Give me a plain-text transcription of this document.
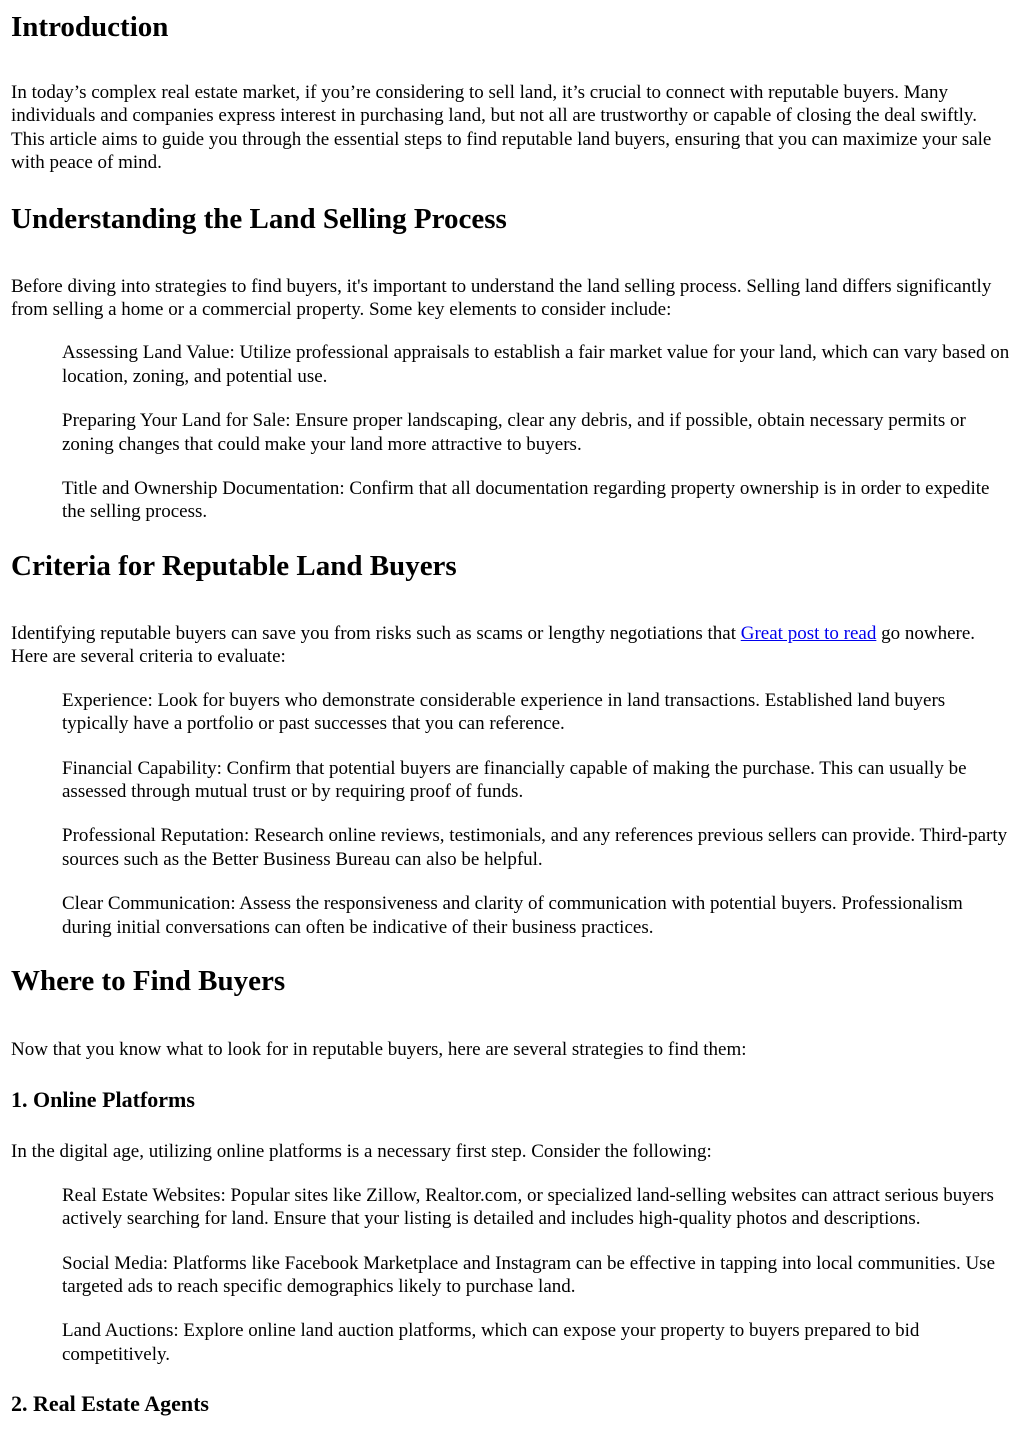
Introduction

In today’s complex real estate market, if you’re considering to sell land, it’s crucial to connect with reputable buyers. Many individuals and companies express interest in purchasing land, but not all are trustworthy or capable of closing the deal swiftly. This article aims to guide you through the essential steps to find reputable land buyers, ensuring that you can maximize your sale with peace of mind.

Understanding the Land Selling Process

Before diving into strategies to find buyers, it's important to understand the land selling process. Selling land differs significantly from selling a home or a commercial property. Some key elements to consider include:

Assessing Land Value: Utilize professional appraisals to establish a fair market value for your land, which can vary based on location, zoning, and potential use.

Preparing Your Land for Sale: Ensure proper landscaping, clear any debris, and if possible, obtain necessary permits or zoning changes that could make your land more attractive to buyers.

Title and Ownership Documentation: Confirm that all documentation regarding property ownership is in order to expedite the selling process.

Criteria for Reputable Land Buyers

Identifying reputable buyers can save you from risks such as scams or lengthy negotiations that Great post to read go nowhere. Here are several criteria to evaluate:

Experience: Look for buyers who demonstrate considerable experience in land transactions. Established land buyers typically have a portfolio or past successes that you can reference.

Financial Capability: Confirm that potential buyers are financially capable of making the purchase. This can usually be assessed through mutual trust or by requiring proof of funds.

Professional Reputation: Research online reviews, testimonials, and any references previous sellers can provide. Third-party sources such as the Better Business Bureau can also be helpful.

Clear Communication: Assess the responsiveness and clarity of communication with potential buyers. Professionalism during initial conversations can often be indicative of their business practices.

Where to Find Buyers

Now that you know what to look for in reputable buyers, here are several strategies to find them:

1. Online Platforms

In the digital age, utilizing online platforms is a necessary first step. Consider the following:

Real Estate Websites: Popular sites like Zillow, Realtor.com, or specialized land-selling websites can attract serious buyers actively searching for land. Ensure that your listing is detailed and includes high-quality photos and descriptions.

Social Media: Platforms like Facebook Marketplace and Instagram can be effective in tapping into local communities. Use targeted ads to reach specific demographics likely to purchase land.

Land Auctions: Explore online land auction platforms, which can expose your property to buyers prepared to bid competitively.

2. Real Estate Agents
